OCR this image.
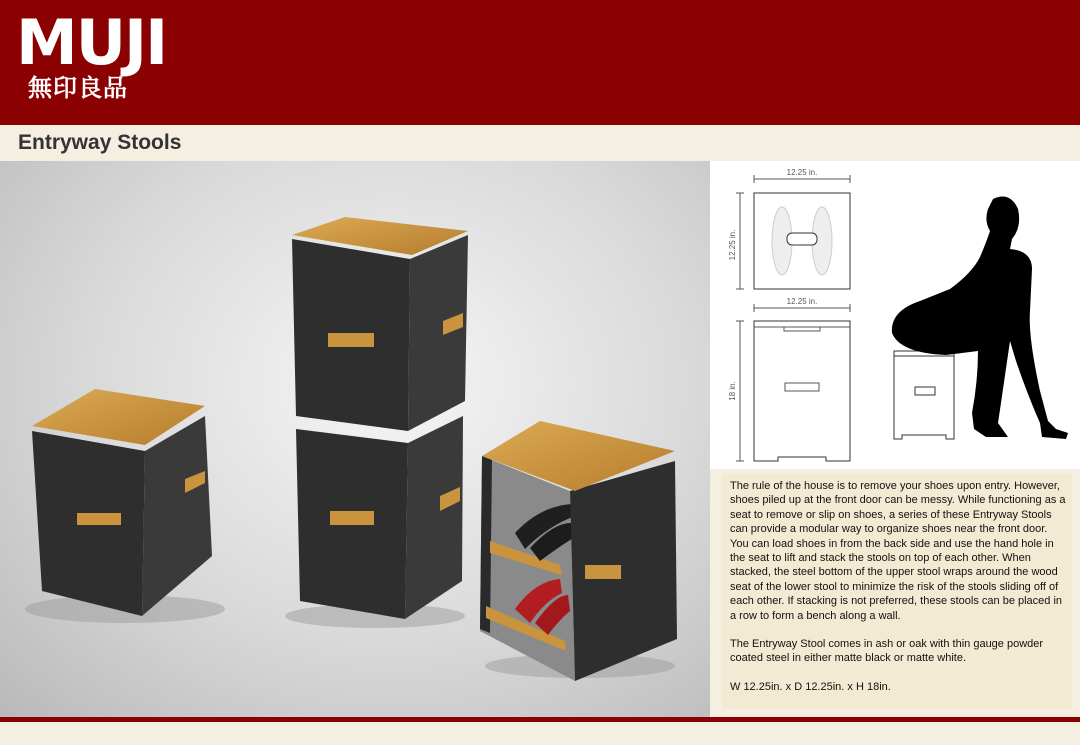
MUJI
無印良品
Entryway Stools
12.25 in.
12.25 in.
12.25 in.
18 in.

The rule of the house is to remove your shoes upon entry. However, shoes piled up at the front door can be messy. While functioning as a seat to remove or slip on shoes, a series of these Entryway Stools can provide a modular way to organize shoes near the front door. You can load shoes in from the back side and use the hand hole in the seat to lift and stack the stools on top of each other. When stacked, the steel bottom of the upper stool wraps around the wood seat of the lower stool to minimize the risk of the stools sliding off of each other. If stacking is not preferred, these stools can be placed in a row to form a bench along a wall.

The Entryway Stool comes in ash or oak with thin gauge powder coated steel in either matte black or matte white.

W 12.25in. x D 12.25in. x H 18in.
